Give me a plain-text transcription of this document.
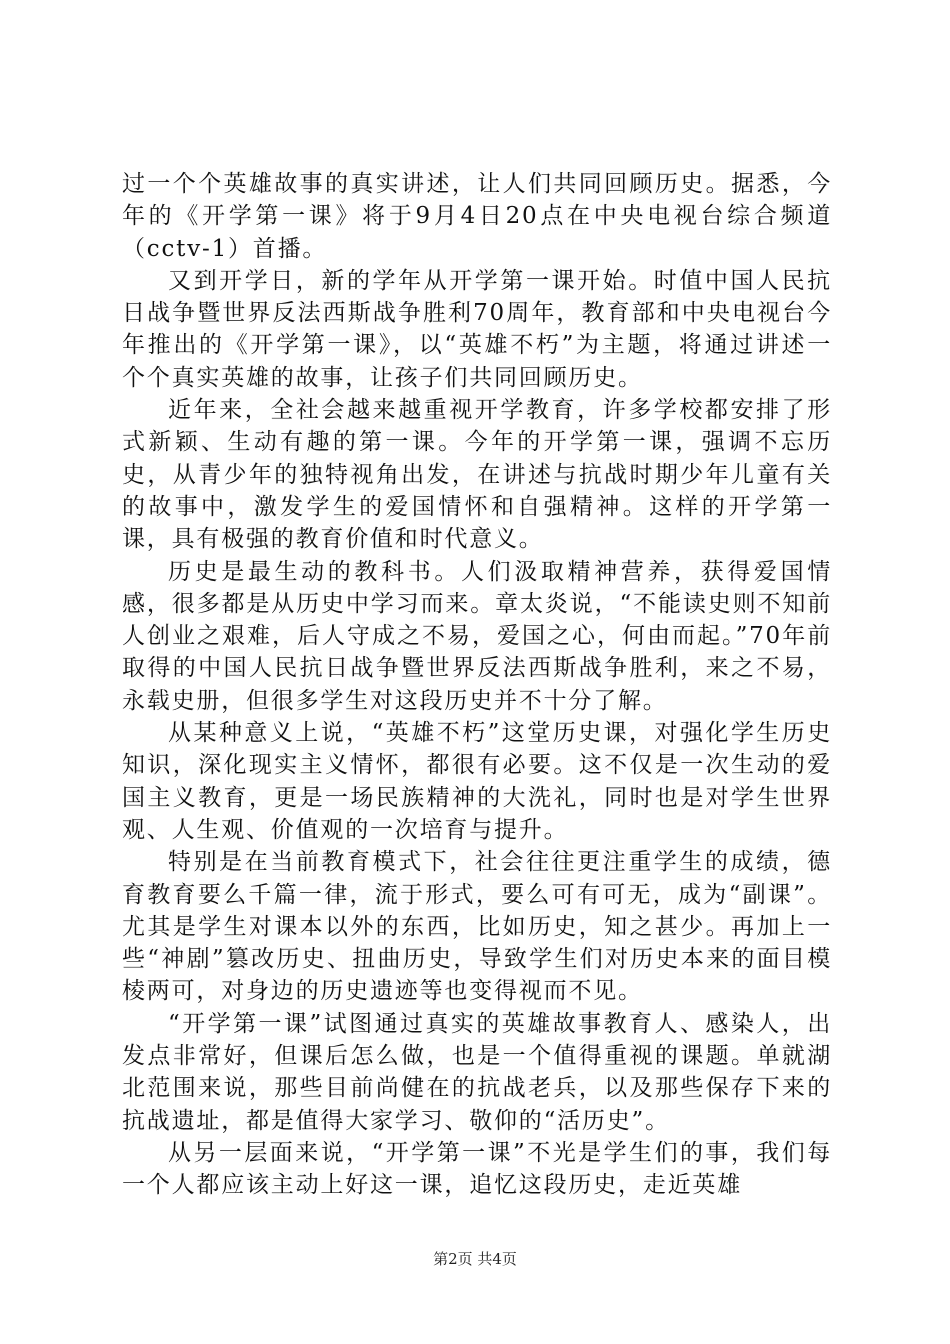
过一个个英雄故事的真实讲述，让人们共同回顾历史。据悉，今年的《开学第一课》将于9月4日20点在中央电视台综合频道（cctv-1）首播。

又到开学日，新的学年从开学第一课开始。时值中国人民抗日战争暨世界反法西斯战争胜利70周年，教育部和中央电视台今年推出的《开学第一课》，以“英雄不朽”为主题，将通过讲述一个个真实英雄的故事，让孩子们共同回顾历史。

近年来，全社会越来越重视开学教育，许多学校都安排了形式新颖、生动有趣的第一课。今年的开学第一课，强调不忘历史，从青少年的独特视角出发，在讲述与抗战时期少年儿童有关的故事中，激发学生的爱国情怀和自强精神。这样的开学第一课，具有极强的教育价值和时代意义。

历史是最生动的教科书。人们汲取精神营养，获得爱国情感，很多都是从历史中学习而来。章太炎说，“不能读史则不知前人创业之艰难，后人守成之不易，爱国之心，何由而起。”70年前取得的中国人民抗日战争暨世界反法西斯战争胜利，来之不易，永载史册，但很多学生对这段历史并不十分了解。

从某种意义上说，“英雄不朽”这堂历史课，对强化学生历史知识，深化现实主义情怀，都很有必要。这不仅是一次生动的爱国主义教育，更是一场民族精神的大洗礼，同时也是对学生世界观、人生观、价值观的一次培育与提升。

特别是在当前教育模式下，社会往往更注重学生的成绩，德育教育要么千篇一律，流于形式，要么可有可无，成为“副课”。尤其是学生对课本以外的东西，比如历史，知之甚少。再加上一些“神剧”篡改历史、扭曲历史，导致学生们对历史本来的面目模棱两可，对身边的历史遗迹等也变得视而不见。

“开学第一课”试图通过真实的英雄故事教育人、感染人，出发点非常好，但课后怎么做，也是一个值得重视的课题。单就湖北范围来说，那些目前尚健在的抗战老兵，以及那些保存下来的抗战遗址，都是值得大家学习、敬仰的“活历史”。

从另一层面来说，“开学第一课”不光是学生们的事，我们每一个人都应该主动上好这一课，追忆这段历史，走近英雄

第2页 共4页
